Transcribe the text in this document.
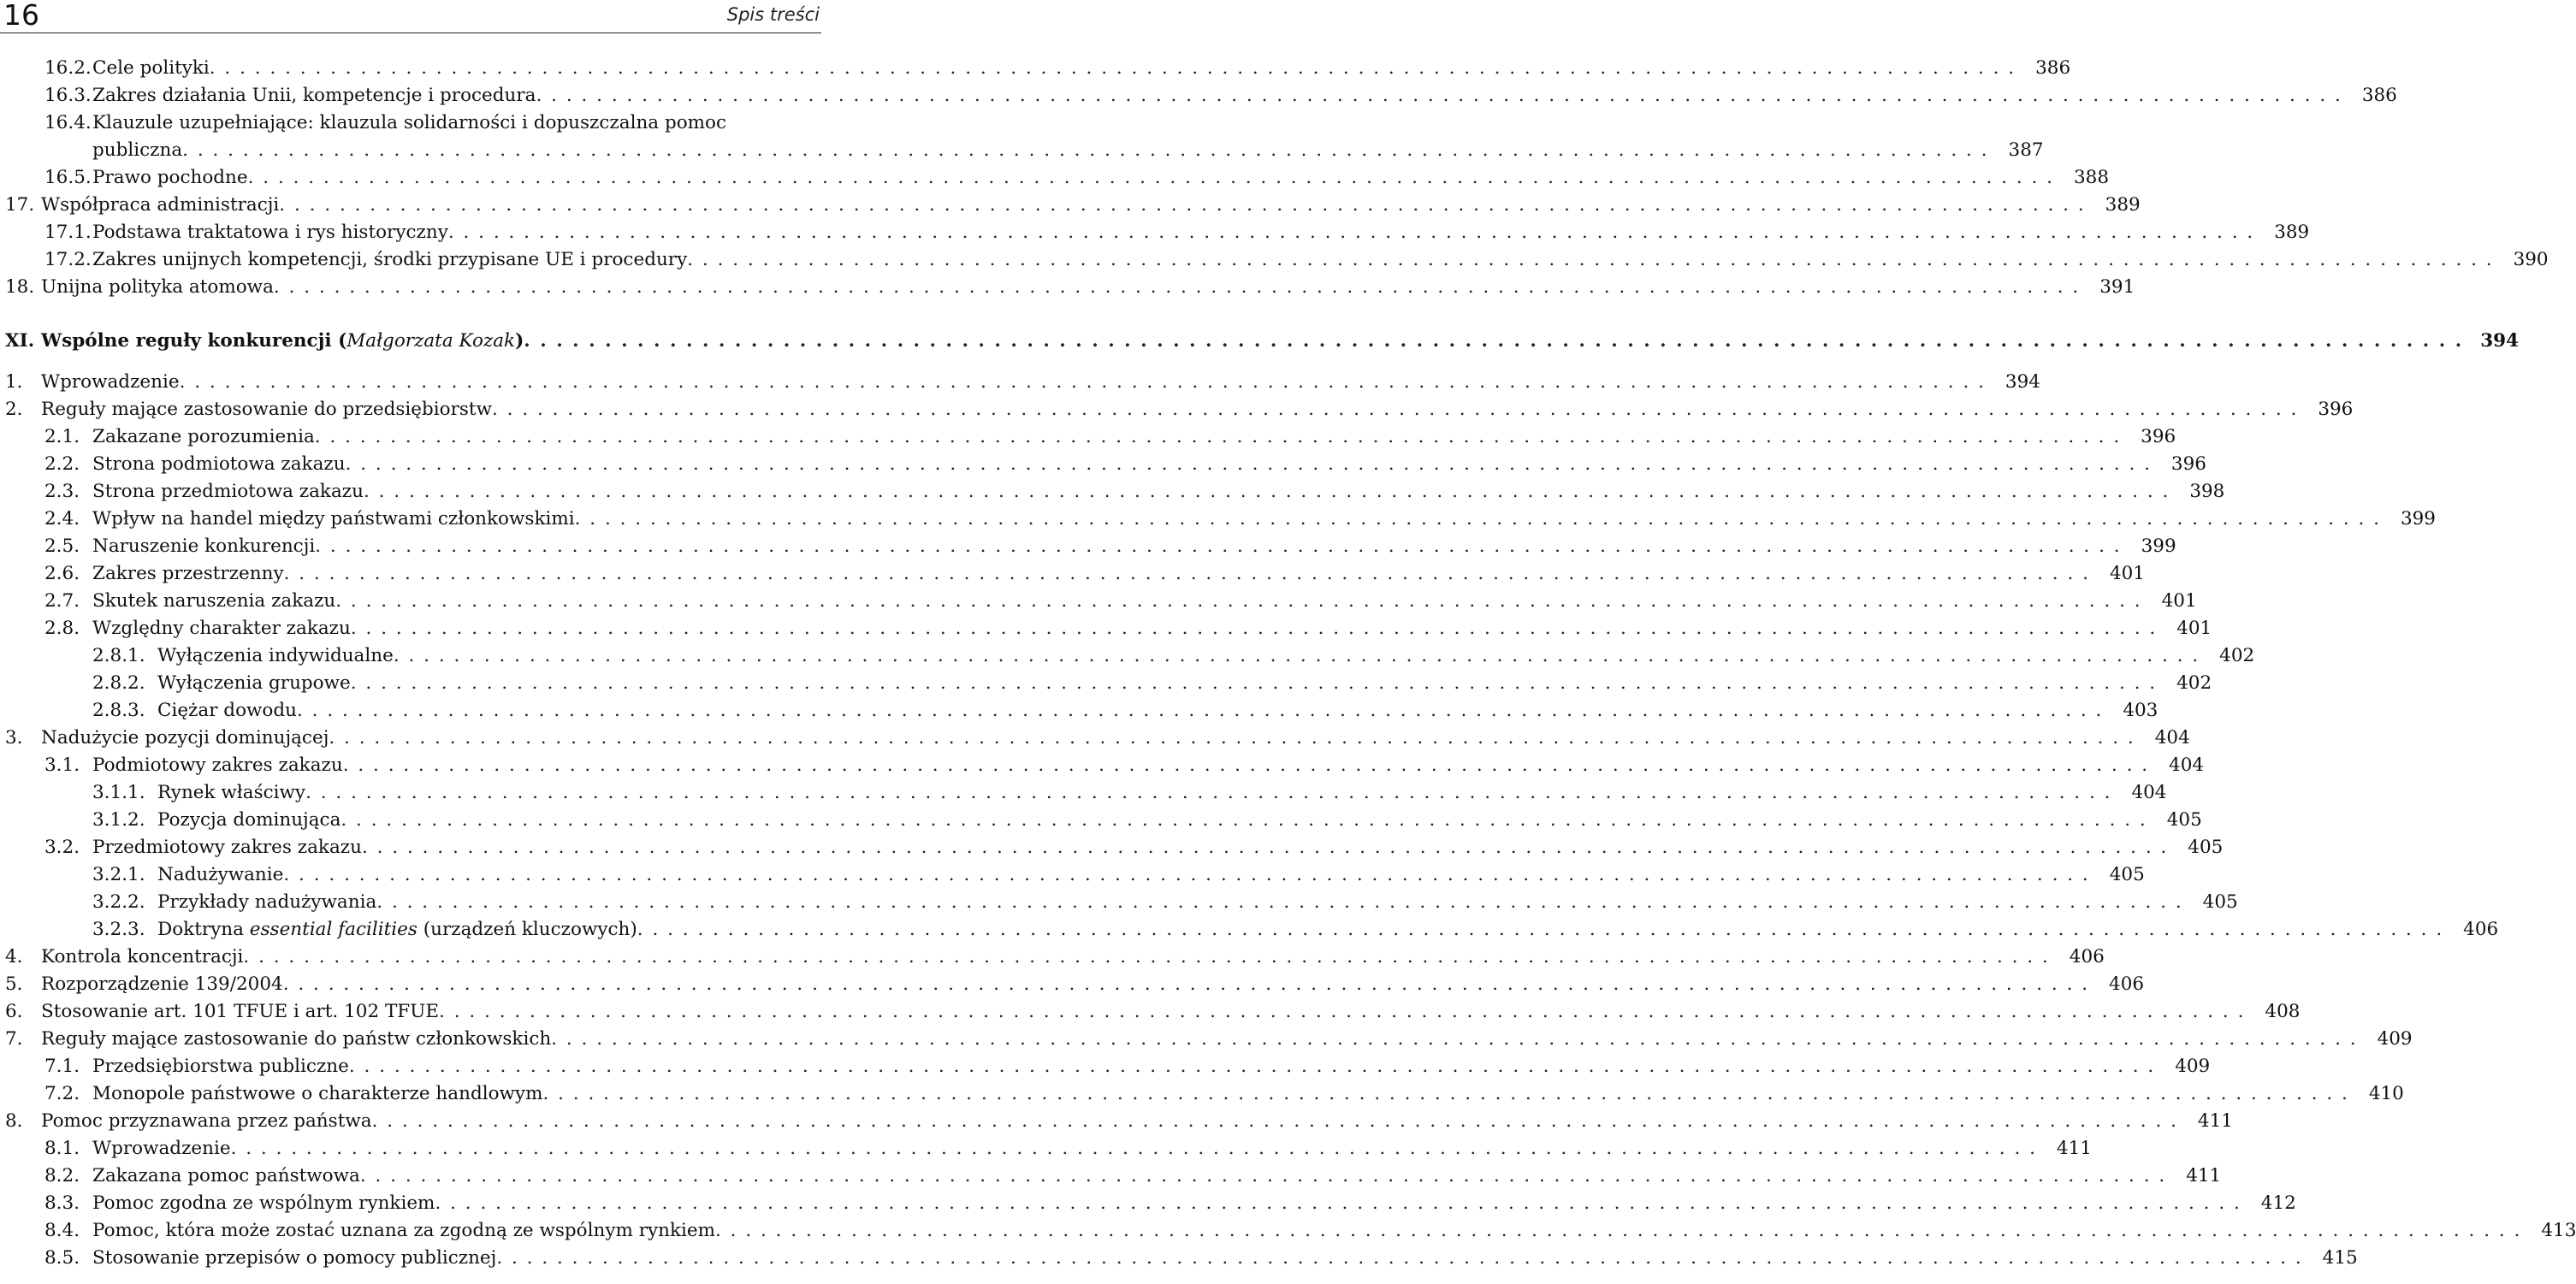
16	Spis treści
16.2. Cele polityki . . . . . . . . . . . . . . . . . . . . . . . . . . . . . . . . . . . . . . . . . . . . . . . . . . . . . . . . . . . . . . . . . . . . . . . . . . . . . . . . . . . . . . . . . . . . . . . . . . . . . . . . . . . . . . . . . . . . . . . .	386
16.3. Zakres działania Unii, kompetencje i procedura . . . . . . . . . . . . . . . . . . . . . . . . . . . . . . . . . . . . . . . . . . . . . . . . . . . . . . . . . . . . . . . . . . . . . . . . . . . . . . . . . . . . . . . . . . . . . . . . . . . . . . . . . . . . . . . . . . . . . . . .	386
16.4. Klauzule uzupełniające: klauzula solidarności i dopuszczalna pomoc
publiczna . . . . . . . . . . . . . . . . . . . . . . . . . . . . . . . . . . . . . . . . . . . . . . . . . . . . . . . . . . . . . . . . . . . . . . . . . . . . . . . . . . . . . . . . . . . . . . . . . . . . . . . . . . . . . . . . . . . . . . . .	387
16.5. Prawo pochodne . . . . . . . . . . . . . . . . . . . . . . . . . . . . . . . . . . . . . . . . . . . . . . . . . . . . . . . . . . . . . . . . . . . . . . . . . . . . . . . . . . . . . . . . . . . . . . . . . . . . . . . . . . . . . . . . . . . . . . . .	388
17. Współpraca administracji . . . . . . . . . . . . . . . . . . . . . . . . . . . . . . . . . . . . . . . . . . . . . . . . . . . . . . . . . . . . . . . . . . . . . . . . . . . . . . . . . . . . . . . . . . . . . . . . . . . . . . . . . . . . . . . . . . . . . . . .	389
17.1. Podstawa traktatowa i rys historyczny . . . . . . . . . . . . . . . . . . . . . . . . . . . . . . . . . . . . . . . . . . . . . . . . . . . . . . . . . . . . . . . . . . . . . . . . . . . . . . . . . . . . . . . . . . . . . . . . . . . . . . . . . . . . . . . . . . . . . . . .	389
17.2. Zakres unijnych kompetencji, środki przypisane UE i procedury . . . . . . . . . . . . . . . . . . . . . . . . . . . . . . . . . . . . . . . . . . . . . . . . . . . . . . . . . . . . . . . . . . . . . . . . . . . . . . . . . . . . . . . . . . . . . . . . . . . . . . . . . . . . . . . . . . . . . . . .	390
18. Unijna polityka atomowa . . . . . . . . . . . . . . . . . . . . . . . . . . . . . . . . . . . . . . . . . . . . . . . . . . . . . . . . . . . . . . . . . . . . . . . . . . . . . . . . . . . . . . . . . . . . . . . . . . . . . . . . . . . . . . . . . . . . . . . .	391
XI. Wspólne reguły konkurencji (Małgorzata Kozak) . . . . . . . . . . . . . . . . . . . . . . . . . . . . . . . . . . . . . . . . . . . . . . . . . . . . . . . . . . . . . . . . . . . . . . . . . . . . . . . . . . . . . . . . . . . . . . . . . . . . . . . . . . . . . . . . . . . . . . . . 394
1. Wprowadzenie . . . . . . . . . . . . . . . . . . . . . . . . . . . . . . . . . . . . . . . . . . . . . . . . . . . . . . . . . . . . . . . . . . . . . . . . . . . . . . . . . . . . . . . . . . . . . . . . . . . . . . . . . . . . . . . . . . . . . . . .	394
2. Reguły mające zastosowanie do przedsiębiorstw . . . . . . . . . . . . . . . . . . . . . . . . . . . . . . . . . . . . . . . . . . . . . . . . . . . . . . . . . . . . . . . . . . . . . . . . . . . . . . . . . . . . . . . . . . . . . . . . . . . . . . . . . . . . . . . . . . . . . . . .	396
2.1. Zakazane porozumienia . . . . . . . . . . . . . . . . . . . . . . . . . . . . . . . . . . . . . . . . . . . . . . . . . . . . . . . . . . . . . . . . . . . . . . . . . . . . . . . . . . . . . . . . . . . . . . . . . . . . . . . . . . . . . . . . . . . . . . . .	396
2.2. Strona podmiotowa zakazu . . . . . . . . . . . . . . . . . . . . . . . . . . . . . . . . . . . . . . . . . . . . . . . . . . . . . . . . . . . . . . . . . . . . . . . . . . . . . . . . . . . . . . . . . . . . . . . . . . . . . . . . . . . . . . . . . . . . . . . .	396
2.3. Strona przedmiotowa zakazu . . . . . . . . . . . . . . . . . . . . . . . . . . . . . . . . . . . . . . . . . . . . . . . . . . . . . . . . . . . . . . . . . . . . . . . . . . . . . . . . . . . . . . . . . . . . . . . . . . . . . . . . . . . . . . . . . . . . . . . .	398
2.4. Wpływ na handel między państwami członkowskimi . . . . . . . . . . . . . . . . . . . . . . . . . . . . . . . . . . . . . . . . . . . . . . . . . . . . . . . . . . . . . . . . . . . . . . . . . . . . . . . . . . . . . . . . . . . . . . . . . . . . . . . . . . . . . . . . . . . . . . . .	399
2.5. Naruszenie konkurencji . . . . . . . . . . . . . . . . . . . . . . . . . . . . . . . . . . . . . . . . . . . . . . . . . . . . . . . . . . . . . . . . . . . . . . . . . . . . . . . . . . . . . . . . . . . . . . . . . . . . . . . . . . . . . . . . . . . . . . . .	399
2.6. Zakres przestrzenny . . . . . . . . . . . . . . . . . . . . . . . . . . . . . . . . . . . . . . . . . . . . . . . . . . . . . . . . . . . . . . . . . . . . . . . . . . . . . . . . . . . . . . . . . . . . . . . . . . . . . . . . . . . . . . . . . . . . . . . .	401
2.7. Skutek naruszenia zakazu . . . . . . . . . . . . . . . . . . . . . . . . . . . . . . . . . . . . . . . . . . . . . . . . . . . . . . . . . . . . . . . . . . . . . . . . . . . . . . . . . . . . . . . . . . . . . . . . . . . . . . . . . . . . . . . . . . . . . . . .	401
2.8. Względny charakter zakazu . . . . . . . . . . . . . . . . . . . . . . . . . . . . . . . . . . . . . . . . . . . . . . . . . . . . . . . . . . . . . . . . . . . . . . . . . . . . . . . . . . . . . . . . . . . . . . . . . . . . . . . . . . . . . . . . . . . . . . . .	401
2.8.1. Wyłączenia indywidualne . . . . . . . . . . . . . . . . . . . . . . . . . . . . . . . . . . . . . . . . . . . . . . . . . . . . . . . . . . . . . . . . . . . . . . . . . . . . . . . . . . . . . . . . . . . . . . . . . . . . . . . . . . . . . . . . . . . . . . . .	402
2.8.2. Wyłączenia grupowe . . . . . . . . . . . . . . . . . . . . . . . . . . . . . . . . . . . . . . . . . . . . . . . . . . . . . . . . . . . . . . . . . . . . . . . . . . . . . . . . . . . . . . . . . . . . . . . . . . . . . . . . . . . . . . . . . . . . . . . .	402
2.8.3. Ciężar dowodu . . . . . . . . . . . . . . . . . . . . . . . . . . . . . . . . . . . . . . . . . . . . . . . . . . . . . . . . . . . . . . . . . . . . . . . . . . . . . . . . . . . . . . . . . . . . . . . . . . . . . . . . . . . . . . . . . . . . . . . .	403
3. Nadużycie pozycji dominującej . . . . . . . . . . . . . . . . . . . . . . . . . . . . . . . . . . . . . . . . . . . . . . . . . . . . . . . . . . . . . . . . . . . . . . . . . . . . . . . . . . . . . . . . . . . . . . . . . . . . . . . . . . . . . . . . . . . . . . . .	404
3.1. Podmiotowy zakres zakazu . . . . . . . . . . . . . . . . . . . . . . . . . . . . . . . . . . . . . . . . . . . . . . . . . . . . . . . . . . . . . . . . . . . . . . . . . . . . . . . . . . . . . . . . . . . . . . . . . . . . . . . . . . . . . . . . . . . . . . . .	404
3.1.1. Rynek właściwy . . . . . . . . . . . . . . . . . . . . . . . . . . . . . . . . . . . . . . . . . . . . . . . . . . . . . . . . . . . . . . . . . . . . . . . . . . . . . . . . . . . . . . . . . . . . . . . . . . . . . . . . . . . . . . . . . . . . . . . .	404
3.1.2. Pozycja dominująca . . . . . . . . . . . . . . . . . . . . . . . . . . . . . . . . . . . . . . . . . . . . . . . . . . . . . . . . . . . . . . . . . . . . . . . . . . . . . . . . . . . . . . . . . . . . . . . . . . . . . . . . . . . . . . . . . . . . . . . .	405
3.2. Przedmiotowy zakres zakazu . . . . . . . . . . . . . . . . . . . . . . . . . . . . . . . . . . . . . . . . . . . . . . . . . . . . . . . . . . . . . . . . . . . . . . . . . . . . . . . . . . . . . . . . . . . . . . . . . . . . . . . . . . . . . . . . . . . . . . . .	405
3.2.1. Nadużywanie . . . . . . . . . . . . . . . . . . . . . . . . . . . . . . . . . . . . . . . . . . . . . . . . . . . . . . . . . . . . . . . . . . . . . . . . . . . . . . . . . . . . . . . . . . . . . . . . . . . . . . . . . . . . . . . . . . . . . . . .	405
3.2.2. Przykłady nadużywania . . . . . . . . . . . . . . . . . . . . . . . . . . . . . . . . . . . . . . . . . . . . . . . . . . . . . . . . . . . . . . . . . . . . . . . . . . . . . . . . . . . . . . . . . . . . . . . . . . . . . . . . . . . . . . . . . . . . . . . .	405
3.2.3. Doktryna essential facilities (urządzeń kluczowych) . . . . . . . . . . . . . . . . . . . . . . . . . . . . . . . . . . . . . . . . . . . . . . . . . . . . . . . . . . . . . . . . . . . . . . . . . . . . . . . . . . . . . . . . . . . . . . . . . . . . . . . . . . . . . . . . . . . . . . . .	406
4. Kontrola koncentracji . . . . . . . . . . . . . . . . . . . . . . . . . . . . . . . . . . . . . . . . . . . . . . . . . . . . . . . . . . . . . . . . . . . . . . . . . . . . . . . . . . . . . . . . . . . . . . . . . . . . . . . . . . . . . . . . . . . . . . . .	406
5. Rozporządzenie 139/2004 . . . . . . . . . . . . . . . . . . . . . . . . . . . . . . . . . . . . . . . . . . . . . . . . . . . . . . . . . . . . . . . . . . . . . . . . . . . . . . . . . . . . . . . . . . . . . . . . . . . . . . . . . . . . . . . . . . . . . . . .	406
6. Stosowanie art. 101 TFUE i art. 102 TFUE . . . . . . . . . . . . . . . . . . . . . . . . . . . . . . . . . . . . . . . . . . . . . . . . . . . . . . . . . . . . . . . . . . . . . . . . . . . . . . . . . . . . . . . . . . . . . . . . . . . . . . . . . . . . . . . . . . . . . . . .	408
7. Reguły mające zastosowanie do państw członkowskich . . . . . . . . . . . . . . . . . . . . . . . . . . . . . . . . . . . . . . . . . . . . . . . . . . . . . . . . . . . . . . . . . . . . . . . . . . . . . . . . . . . . . . . . . . . . . . . . . . . . . . . . . . . . . . . . . . . . . . . .	409
7.1. Przedsiębiorstwa publiczne . . . . . . . . . . . . . . . . . . . . . . . . . . . . . . . . . . . . . . . . . . . . . . . . . . . . . . . . . . . . . . . . . . . . . . . . . . . . . . . . . . . . . . . . . . . . . . . . . . . . . . . . . . . . . . . . . . . . . . . .	409
7.2. Monopole państwowe o charakterze handlowym . . . . . . . . . . . . . . . . . . . . . . . . . . . . . . . . . . . . . . . . . . . . . . . . . . . . . . . . . . . . . . . . . . . . . . . . . . . . . . . . . . . . . . . . . . . . . . . . . . . . . . . . . . . . . . . . . . . . . . . .	410
8. Pomoc przyznawana przez państwa . . . . . . . . . . . . . . . . . . . . . . . . . . . . . . . . . . . . . . . . . . . . . . . . . . . . . . . . . . . . . . . . . . . . . . . . . . . . . . . . . . . . . . . . . . . . . . . . . . . . . . . . . . . . . . . . . . . . . . . .	411
8.1. Wprowadzenie . . . . . . . . . . . . . . . . . . . . . . . . . . . . . . . . . . . . . . . . . . . . . . . . . . . . . . . . . . . . . . . . . . . . . . . . . . . . . . . . . . . . . . . . . . . . . . . . . . . . . . . . . . . . . . . . . . . . . . . .	411
8.2. Zakazana pomoc państwowa . . . . . . . . . . . . . . . . . . . . . . . . . . . . . . . . . . . . . . . . . . . . . . . . . . . . . . . . . . . . . . . . . . . . . . . . . . . . . . . . . . . . . . . . . . . . . . . . . . . . . . . . . . . . . . . . . . . . . . . .	411
8.3. Pomoc zgodna ze wspólnym rynkiem . . . . . . . . . . . . . . . . . . . . . . . . . . . . . . . . . . . . . . . . . . . . . . . . . . . . . . . . . . . . . . . . . . . . . . . . . . . . . . . . . . . . . . . . . . . . . . . . . . . . . . . . . . . . . . . . . . . . . . . .	412
8.4. Pomoc, która może zostać uznana za zgodną ze wspólnym rynkiem . . . . . . . . . . . . . . . . . . . . . . . . . . . . . . . . . . . . . . . . . . . . . . . . . . . . . . . . . . . . . . . . . . . . . . . . . . . . . . . . . . . . . . . . . . . . . . . . . . . . . . . . . . . . . . . . . . . . . . . .	413
8.5. Stosowanie przepisów o pomocy publicznej . . . . . . . . . . . . . . . . . . . . . . . . . . . . . . . . . . . . . . . . . . . . . . . . . . . . . . . . . . . . . . . . . . . . . . . . . . . . . . . . . . . . . . . . . . . . . . . . . . . . . . . . . . . . . . . . . . . . . . . .	415
